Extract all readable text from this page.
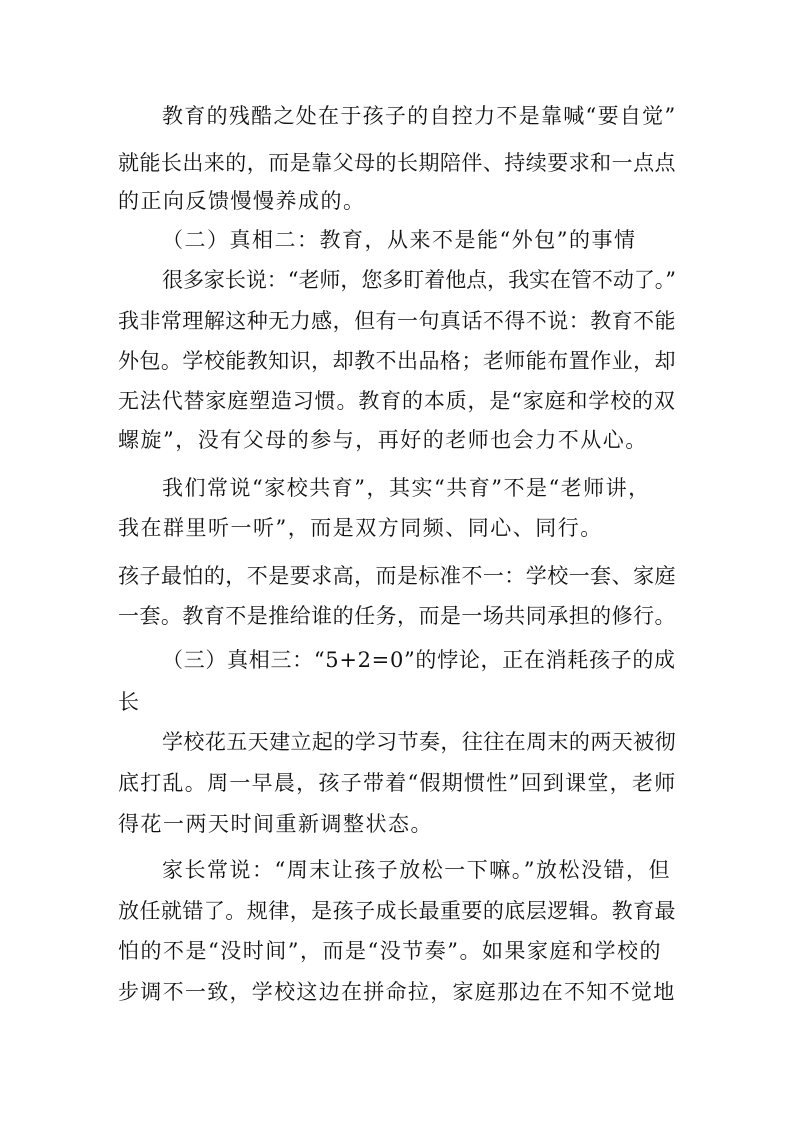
教育的残酷之处在于孩子的自控力不是靠喊“要自觉”
就能长出来的，而是靠父母的长期陪伴、持续要求和一点点
的正向反馈慢慢养成的。
（二）真相二：教育，从来不是能“外包”的事情
很多家长说：“老师，您多盯着他点，我实在管不动了。”
我非常理解这种无力感，但有一句真话不得不说：教育不能
外包。学校能教知识，却教不出品格；老师能布置作业，却
无法代替家庭塑造习惯。教育的本质，是“家庭和学校的双
螺旋”，没有父母的参与，再好的老师也会力不从心。
我们常说“家校共育”，其实“共育”不是“老师讲，
我在群里听一听”，而是双方同频、同心、同行。
孩子最怕的，不是要求高，而是标准不一：学校一套、家庭
一套。教育不是推给谁的任务，而是一场共同承担的修行。
（三）真相三：“5+2=0”的悖论，正在消耗孩子的成
长
学校花五天建立起的学习节奏，往往在周末的两天被彻
底打乱。周一早晨，孩子带着“假期惯性”回到课堂，老师
得花一两天时间重新调整状态。
家长常说：“周末让孩子放松一下嘛。”放松没错，但
放任就错了。规律，是孩子成长最重要的底层逻辑。教育最
怕的不是“没时间”，而是“没节奏”。如果家庭和学校的
步调不一致，学校这边在拼命拉，家庭那边在不知不觉地
